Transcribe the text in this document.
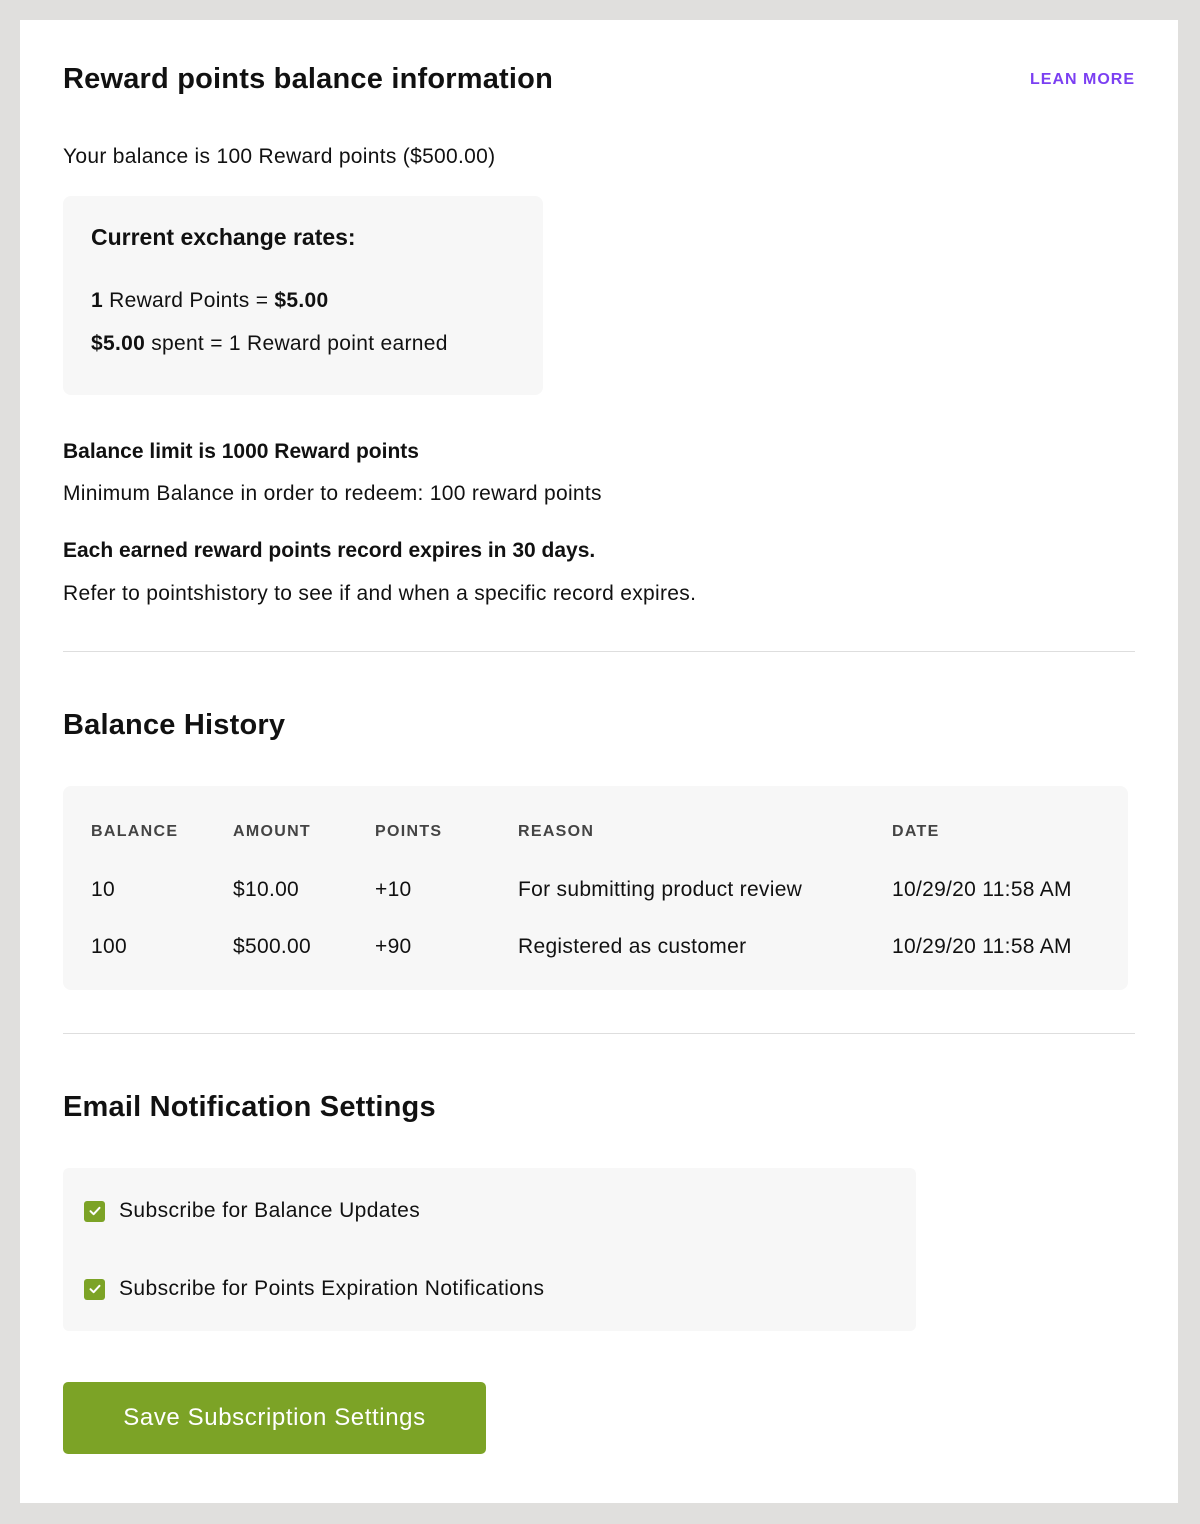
Reward points balance information	LEAN MORE
Your balance is 100 Reward points ($500.00)
Current exchange rates:
1 Reward Points = $5.00
$5.00 spent = 1 Reward point earned
Balance limit is 1000 Reward points
Minimum Balance in order to redeem: 100 reward points
Each earned reward points record expires in 30 days.
Refer to pointshistory to see if and when a specific record expires.
Balance History
BALANCE	AMOUNT	POINTS	REASON	DATE
10	$10.00	+10	For submitting product review	10/29/20 11:58 AM
100	$500.00	+90	Registered as customer	10/29/20 11:58 AM
Email Notification Settings
Subscribe for Balance Updates
Subscribe for Points Expiration Notifications
Save Subscription Settings
